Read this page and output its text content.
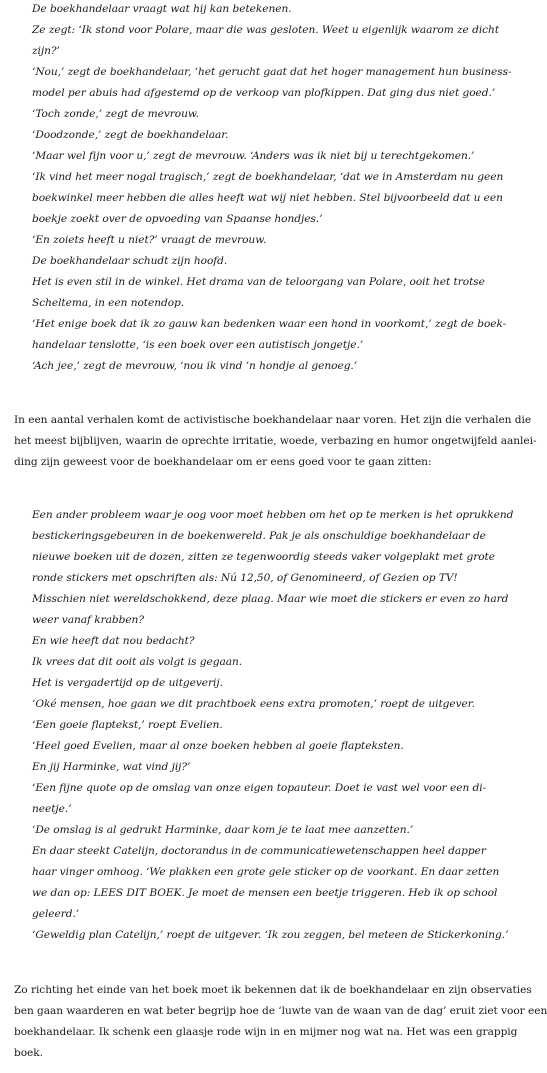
De boekhandelaar vraagt wat hij kan betekenen.

Ze zegt: ‘Ik stond voor Polare, maar die was gesloten. Weet u eigenlijk waarom ze dicht

zijn?’

‘Nou,’ zegt de boekhandelaar, ‘het gerucht gaat dat het hoger management hun business-

model per abuis had afgestemd op de verkoop van plofkippen. Dat ging dus niet goed.’

‘Toch zonde,’ zegt de mevrouw.

‘Doodzonde,’ zegt de boekhandelaar.

‘Maar wel fijn voor u,’ zegt de mevrouw. ‘Anders was ik niet bij u terechtgekomen.’

‘Ik vind het meer nogal tragisch,’ zegt de boekhandelaar, ‘dat we in Amsterdam nu geen

boekwinkel meer hebben die alles heeft wat wij niet hebben. Stel bijvoorbeeld dat u een

boekje zoekt over de opvoeding van Spaanse hondjes.’

‘En zoiets heeft u niet?’ vraagt de mevrouw.

De boekhandelaar schudt zijn hoofd.

Het is even stil in de winkel. Het drama van de teloorgang van Polare, ooit het trotse

Scheltema, in een notendop.

‘Het enige boek dat ik zo gauw kan bedenken waar een hond in voorkomt,’ zegt de boek-

handelaar tenslotte, ‘is een boek over een autistisch jongetje.’

‘Ach jee,’ zegt de mevrouw, ‘nou ik vind ’n hondje al genoeg.’

In een aantal verhalen komt de activistische boekhandelaar naar voren. Het zijn die verhalen die
het meest bijblijven, waarin de oprechte irritatie, woede, verbazing en humor ongetwijfeld aanlei-
ding zijn geweest voor de boekhandelaar om er eens goed voor te gaan zitten:

Een ander probleem waar je oog voor moet hebben om het op te merken is het oprukkend

bestickeringsgebeuren in de boekenwereld. Pak je als onschuldige boekhandelaar de

nieuwe boeken uit de dozen, zitten ze tegenwoordig steeds vaker volgeplakt met grote

ronde stickers met opschriften als: Nú 12,50, of Genomineerd, of Gezien op TV!

Misschien niet wereldschokkend, deze plaag. Maar wie moet die stickers er even zo hard

weer vanaf krabben?

En wie heeft dat nou bedacht?

Ik vrees dat dit ooit als volgt is gegaan.

Het is vergadertijd op de uitgeverij.

‘Oké mensen, hoe gaan we dit prachtboek eens extra promoten,’ roept de uitgever.

‘Een goeie flaptekst,’ roept Evelien.

‘Heel goed Evelien, maar al onze boeken hebben al goeie flapteksten.

En jij Harminke, wat vind jij?’

‘Een fijne quote op de omslag van onze eigen topauteur. Doet ie vast wel voor een di-

neetje.’

‘De omslag is al gedrukt Harminke, daar kom je te laat mee aanzetten.’

En daar steekt Catelijn, doctorandus in de communicatiewetenschappen heel dapper

haar vinger omhoog. ‘We plakken een grote gele sticker op de voorkant. En daar zetten

we dan op: LEES DIT BOEK. Je moet de mensen een beetje triggeren. Heb ik op school

geleerd.’

‘Geweldig plan Catelijn,’ roept de uitgever. ‘Ik zou zeggen, bel meteen de Stickerkoning.’

Zo richting het einde van het boek moet ik bekennen dat ik de boekhandelaar en zijn observaties
ben gaan waarderen en wat beter begrijp hoe de ‘luwte van de waan van de dag’ eruit ziet voor een
boekhandelaar. Ik schenk een glaasje rode wijn in en mijmer nog wat na. Het was een grappig
boek.
